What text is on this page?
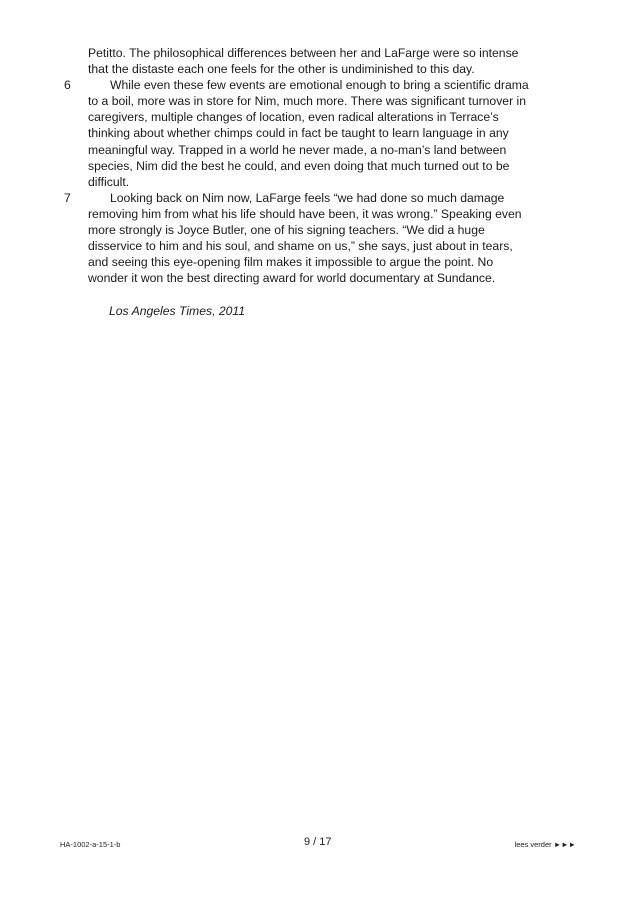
Petitto. The philosophical differences between her and LaFarge were so intense
that the distaste each one feels for the other is undiminished to this day.
6	While even these few events are emotional enough to bring a scientific drama
to a boil, more was in store for Nim, much more. There was significant turnover in
caregivers, multiple changes of location, even radical alterations in Terrace’s
thinking about whether chimps could in fact be taught to learn language in any
meaningful way. Trapped in a world he never made, a no-man’s land between
species, Nim did the best he could, and even doing that much turned out to be
difficult.
7	Looking back on Nim now, LaFarge feels “we had done so much damage
removing him from what his life should have been, it was wrong.” Speaking even
more strongly is Joyce Butler, one of his signing teachers. “We did a huge
disservice to him and his soul, and shame on us,” she says, just about in tears,
and seeing this eye-opening film makes it impossible to argue the point. No
wonder it won the best directing award for world documentary at Sundance.
Los Angeles Times, 2011
HA-1002-a-15-1-b	9 / 17	lees verder ►►►
